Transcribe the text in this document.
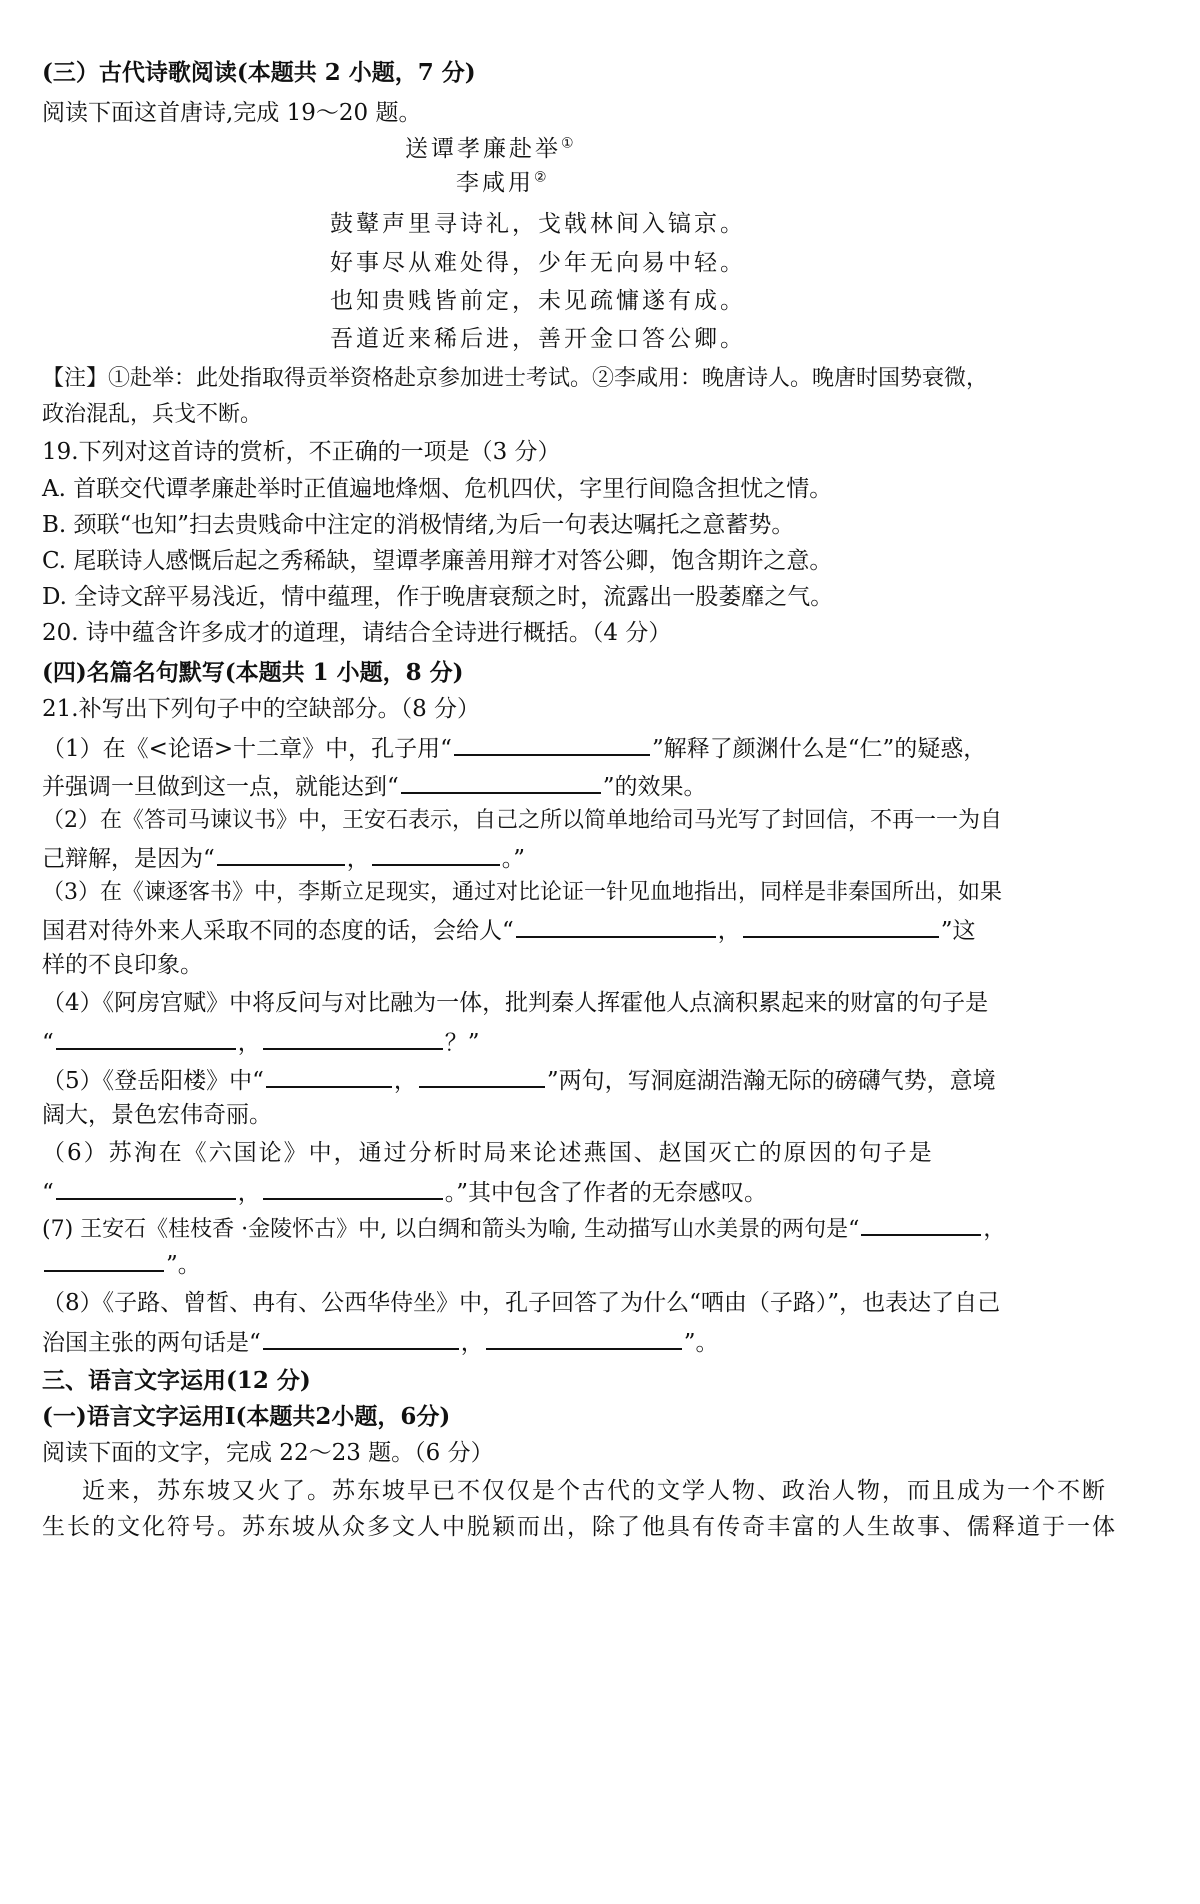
(三）古代诗歌阅读(本题共 2 小题，7 分)
阅读下面这首唐诗,完成 19～20 题。
送谭孝廉赴举①
李咸用②
鼓鼙声里寻诗礼，戈戟林间入镐京。
好事尽从难处得，少年无向易中轻。
也知贵贱皆前定，未见疏慵遂有成。
吾道近来稀后进，善开金口答公卿。
【注】①赴举：此处指取得贡举资格赴京参加进士考试。②李咸用：晚唐诗人。晚唐时国势衰微，
政治混乱，兵戈不断。
19.下列对这首诗的赏析，不正确的一项是（3 分）
A. 首联交代谭孝廉赴举时正值遍地烽烟、危机四伏，字里行间隐含担忧之情。
B. 颈联“也知”扫去贵贱命中注定的消极情绪,为后一句表达嘱托之意蓄势。
C. 尾联诗人感慨后起之秀稀缺，望谭孝廉善用辩才对答公卿，饱含期许之意。
D. 全诗文辞平易浅近，情中蕴理，作于晚唐衰颓之时，流露出一股萎靡之气。
20. 诗中蕴含许多成才的道理，请结合全诗进行概括。（4 分）
(四)名篇名句默写(本题共 1 小题，8 分)
21.补写出下列句子中的空缺部分。（8 分）
（1）在《<论语>十二章》中，孔子用“	”解释了颜渊什么是“仁”的疑惑，
并强调一旦做到这一点，就能达到“	”的效果。
（2）在《答司马谏议书》中，王安石表示，自己之所以简单地给司马光写了封回信，不再一一为自
己辩解，是因为“	，	。”
（3）在《谏逐客书》中，李斯立足现实，通过对比论证一针见血地指出，同样是非秦国所出，如果
国君对待外来人采取不同的态度的话，会给人“	，	”这
样的不良印象。
（4）《阿房宫赋》中将反问与对比融为一体，批判秦人挥霍他人点滴积累起来的财富的句子是
“	，	？”
（5）《登岳阳楼》中“	，	”两句，写洞庭湖浩瀚无际的磅礴气势，意境
阔大，景色宏伟奇丽。
（6）苏洵在《六国论》中，通过分析时局来论述燕国、赵国灭亡的原因的句子是
“	，	。”其中包含了作者的无奈感叹。
(7) 王安石《桂枝香 ·金陵怀古》中, 以白绸和箭头为喻, 生动描写山水美景的两句是“	，
”。
（8）《子路、曾皙、冉有、公西华侍坐》中，孔子回答了为什么“哂由（子路）”，也表达了自己
治国主张的两句话是“	，	”。
三、语言文字运用(12 分)
(一)语言文字运用Ⅰ(本题共2小题，6分)
阅读下面的文字，完成 22～23 题。（6 分）
近来，苏东坡又火了。苏东坡早已不仅仅是个古代的文学人物、政治人物，而且成为一个不断
生长的文化符号。苏东坡从众多文人中脱颖而出，除了他具有传奇丰富的人生故事、儒释道于一体
